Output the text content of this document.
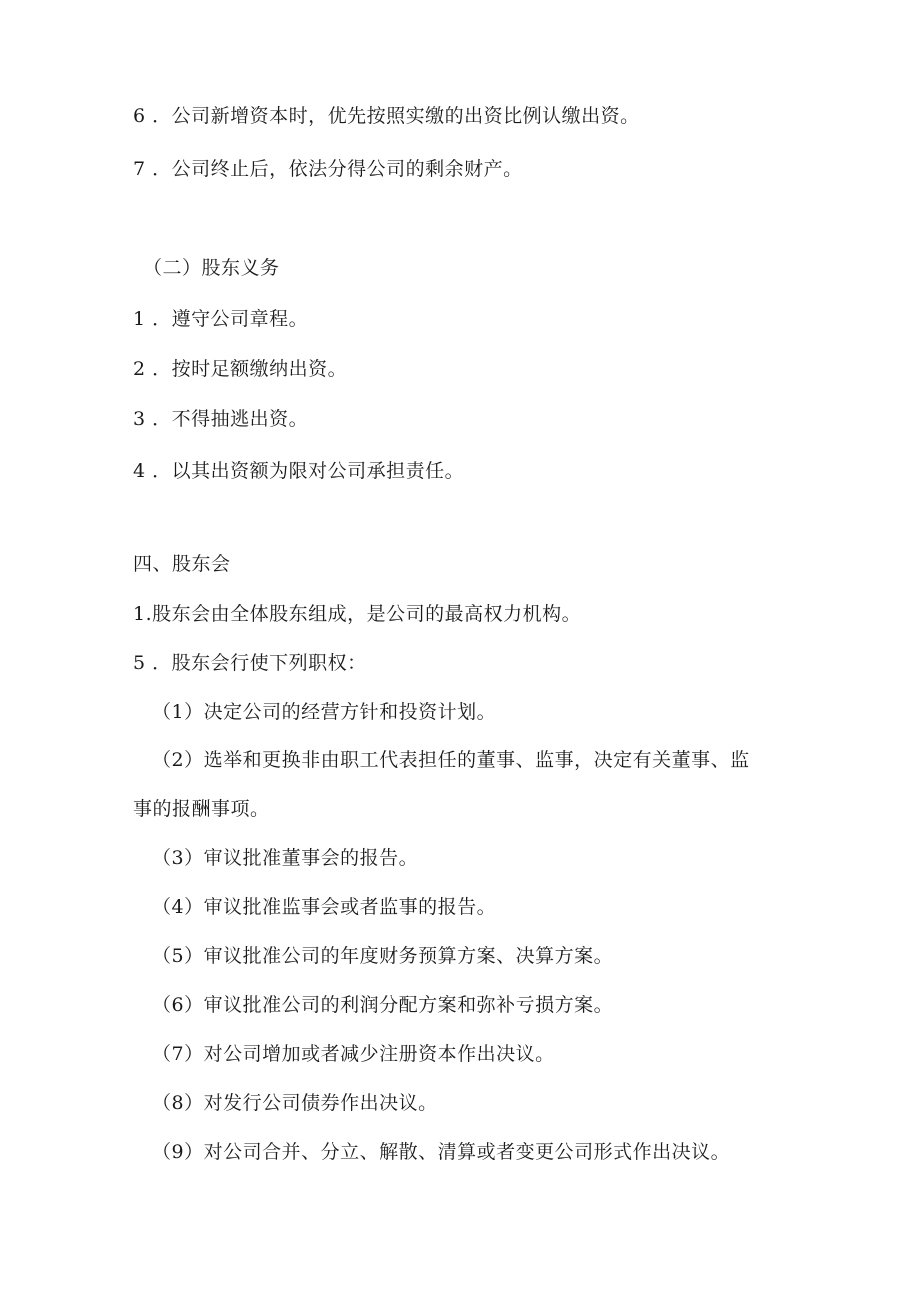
6 ．公司新增资本时，优先按照实缴的出资比例认缴出资。
7 ．公司终止后，依法分得公司的剩余财产。
（二）股东义务
1 ．遵守公司章程。
2 ．按时足额缴纳出资。
3 ．不得抽逃出资。
4 ．以其出资额为限对公司承担责任。
四、股东会
1.股东会由全体股东组成，是公司的最高权力机构。
5 ．股东会行使下列职权：
（1）决定公司的经营方针和投资计划。
（2）选举和更换非由职工代表担任的董事、监事，决定有关董事、监
事的报酬事项。
（3）审议批准董事会的报告。
（4）审议批准监事会或者监事的报告。
（5）审议批准公司的年度财务预算方案、决算方案。
（6）审议批准公司的利润分配方案和弥补亏损方案。
（7）对公司增加或者减少注册资本作出决议。
（8）对发行公司债券作出决议。
（9）对公司合并、分立、解散、清算或者变更公司形式作出决议。
